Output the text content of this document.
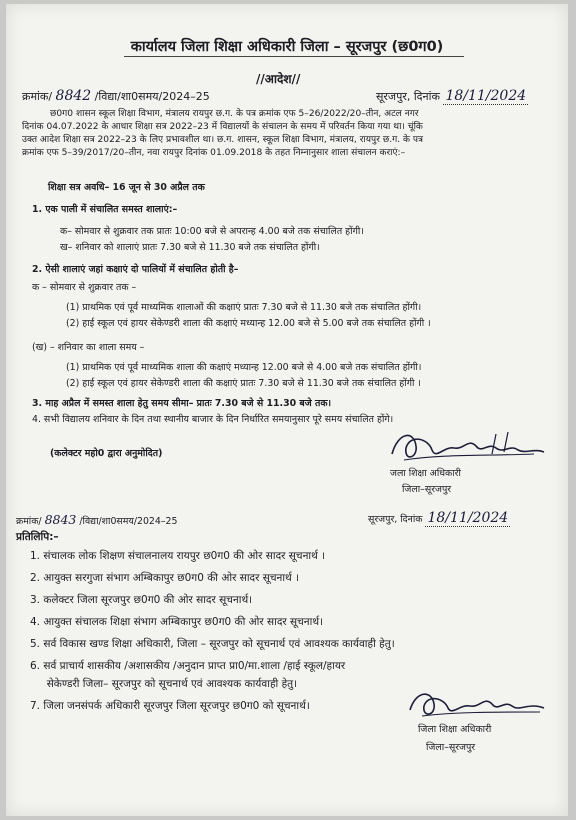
कार्यालय जिला शिक्षा अधिकारी जिला – सूरजपुर (छ0ग0)
//आदेश//
क्रमांक/ 8842 /विद्या/शा0समय/2024–25	सूरजपुर, दिनांक 18/11/2024
छ0ग0 शासन स्कूल शिक्षा विभाग, मंत्रालय रायपुर छ.ग. के पत्र क्रमांक एफ 5–26/2022/20–तीन, अटल नगर
दिनांक 04.07.2022 के आधार शिक्षा सत्र 2022–23 में विद्यालयों के संचालन के समय में परिवर्तन किया गया था। चूंकि
उक्त आदेश शिक्षा सत्र 2022–23 के लिए प्रभावशील था। छ.ग. शासन, स्कूल शिक्षा विभाग, मंत्रालय, रायपुर छ.ग. के पत्र
क्रमांक एफ 5–39/2017/20–तीन, नवा रायपुर दिनांक 01.09.2018 के तहत निम्नानुसार शाला संचालन कराएं:–
शिक्षा सत्र अवधि– 16 जून से 30 अप्रैल तक
1. एक पाली में संचालित समस्त शालाएं:–
क– सोमवार से शुक्रवार तक प्रातः 10:00 बजे से अपरान्ह 4.00 बजे तक संचालित होंगी।
ख– शनिवार को शालाएं प्रातः 7.30 बजे से 11.30 बजे तक संचालित होंगी।
2. ऐसी शालाएं जहां कक्षाएं दो पालियों में संचालित होती है–
क – सोमवार से शुक्रवार तक –
(1) प्राथमिक एवं पूर्व माध्यमिक शालाओं की कक्षाएं प्रातः 7.30 बजे से 11.30 बजे तक संचालित होंगी।
(2) हाई स्कूल एवं हायर सेकेण्डरी शाला की कक्षाएं मध्यान्ह 12.00 बजे से 5.00 बजे तक संचालित होंगी ।
(ख) – शनिवार का शाला समय –
(1) प्राथमिक एवं पूर्व माध्यमिक शाला की कक्षाएं मध्यान्ह 12.00 बजे से 4.00 बजे तक संचालित होंगी।
(2) हाई स्कूल एवं हायर सेकेण्डरी शाला की कक्षाएं प्रातः 7.30 बजे से 11.30 बजे तक संचालित होंगी ।
3. माह अप्रैल में समस्त शाला हेतु समय सीमा– प्रातः 7.30 बजे से 11.30 बजे तक।
4. सभी विद्यालय शनिवार के दिन तथा स्थानीय बाजार के दिन निर्धारित समयानुसार पूरे समय संचालित होंगे।
(कलेक्टर महो0 द्वारा अनुमोदित)
जला शिक्षा अधिकारी
जिला–सूरजपुर
क्रमांक/ 8843 /विद्या/शा0समय/2024–25	सूरजपुर, दिनांक 18/11/2024
प्रतिलिपि:–
1. संचालक लोक शिक्षण संचालनालय रायपुर छ0ग0 की ओर सादर सूचनार्थ ।
2. आयुक्त सरगुजा संभाग अम्बिकापुर छ0ग0 की ओर सादर सूचनार्थ ।
3. कलेक्टर जिला सूरजपुर छ0ग0 की ओर सादर सूचनार्थ।
4. आयुक्त संचालक शिक्षा संभाग अम्बिकापुर छ0ग0 की ओर सादर सूचनार्थ।
5. सर्व विकास खण्ड शिक्षा अधिकारी, जिला – सूरजपुर को सूचनार्थ एवं आवश्यक कार्यवाही हेतु।
6. सर्व प्राचार्य शासकीय /अशासकीय /अनुदान प्राप्त प्रा0/मा.शाला /हाई स्कूल/हायर
सेकेण्डरी जिला– सूरजपुर को सूचनार्थ एवं आवश्यक कार्यवाही हेतु।
7. जिला जनसंपर्क अधिकारी सूरजपुर जिला सूरजपुर छ0ग0 को सूचनार्थ।
जिला शिक्षा अधिकारी
जिला–सूरजपुर
